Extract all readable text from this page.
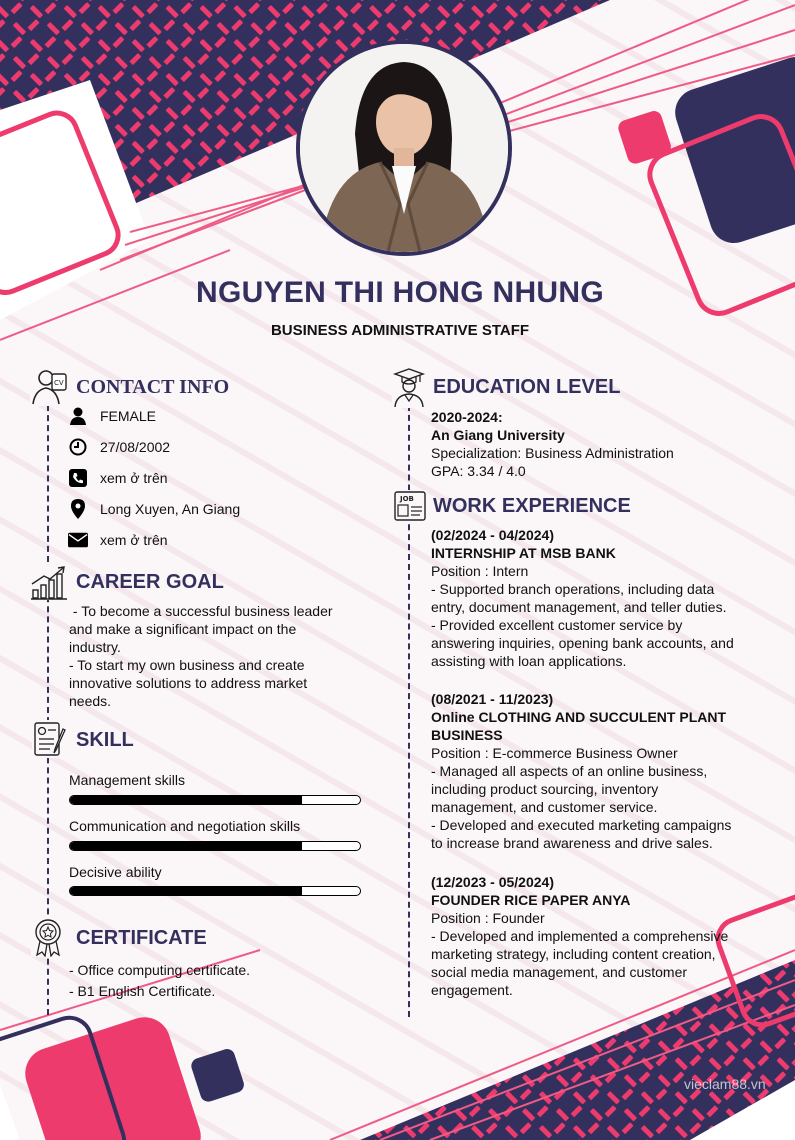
NGUYEN THI HONG NHUNG
BUSINESS ADMINISTRATIVE STAFF
CV CONTACT INFO
FEMALE
27/08/2002
xem ở trên
Long Xuyen, An Giang
xem ở trên
CAREER GOAL
- To become a successful business leader
and make a significant impact on the
industry.
- To start my own business and create
innovative solutions to address market
needs.
SKILL
Management skills
Communication and negotiation skills
Decisive ability
CERTIFICATE
- Office computing certificate.
- B1 English Certificate.
EDUCATION LEVEL
2020-2024:
An Giang University
Specialization: Business Administration
GPA: 3.34 / 4.0
JOB WORK EXPERIENCE
(02/2024 - 04/2024)
INTERNSHIP AT MSB BANK
Position : Intern
- Supported branch operations, including data
entry, document management, and teller duties.
- Provided excellent customer service by
answering inquiries, opening bank accounts, and
assisting with loan applications.
(08/2021 - 11/2023)
Online CLOTHING AND SUCCULENT PLANT
BUSINESS
Position : E-commerce Business Owner
- Managed all aspects of an online business,
including product sourcing, inventory
management, and customer service.
- Developed and executed marketing campaigns
to increase brand awareness and drive sales.
(12/2023 - 05/2024)
FOUNDER RICE PAPER ANYA
Position : Founder
- Developed and implemented a comprehensive
marketing strategy, including content creation,
social media management, and customer
engagement.
vieclam88.vn
